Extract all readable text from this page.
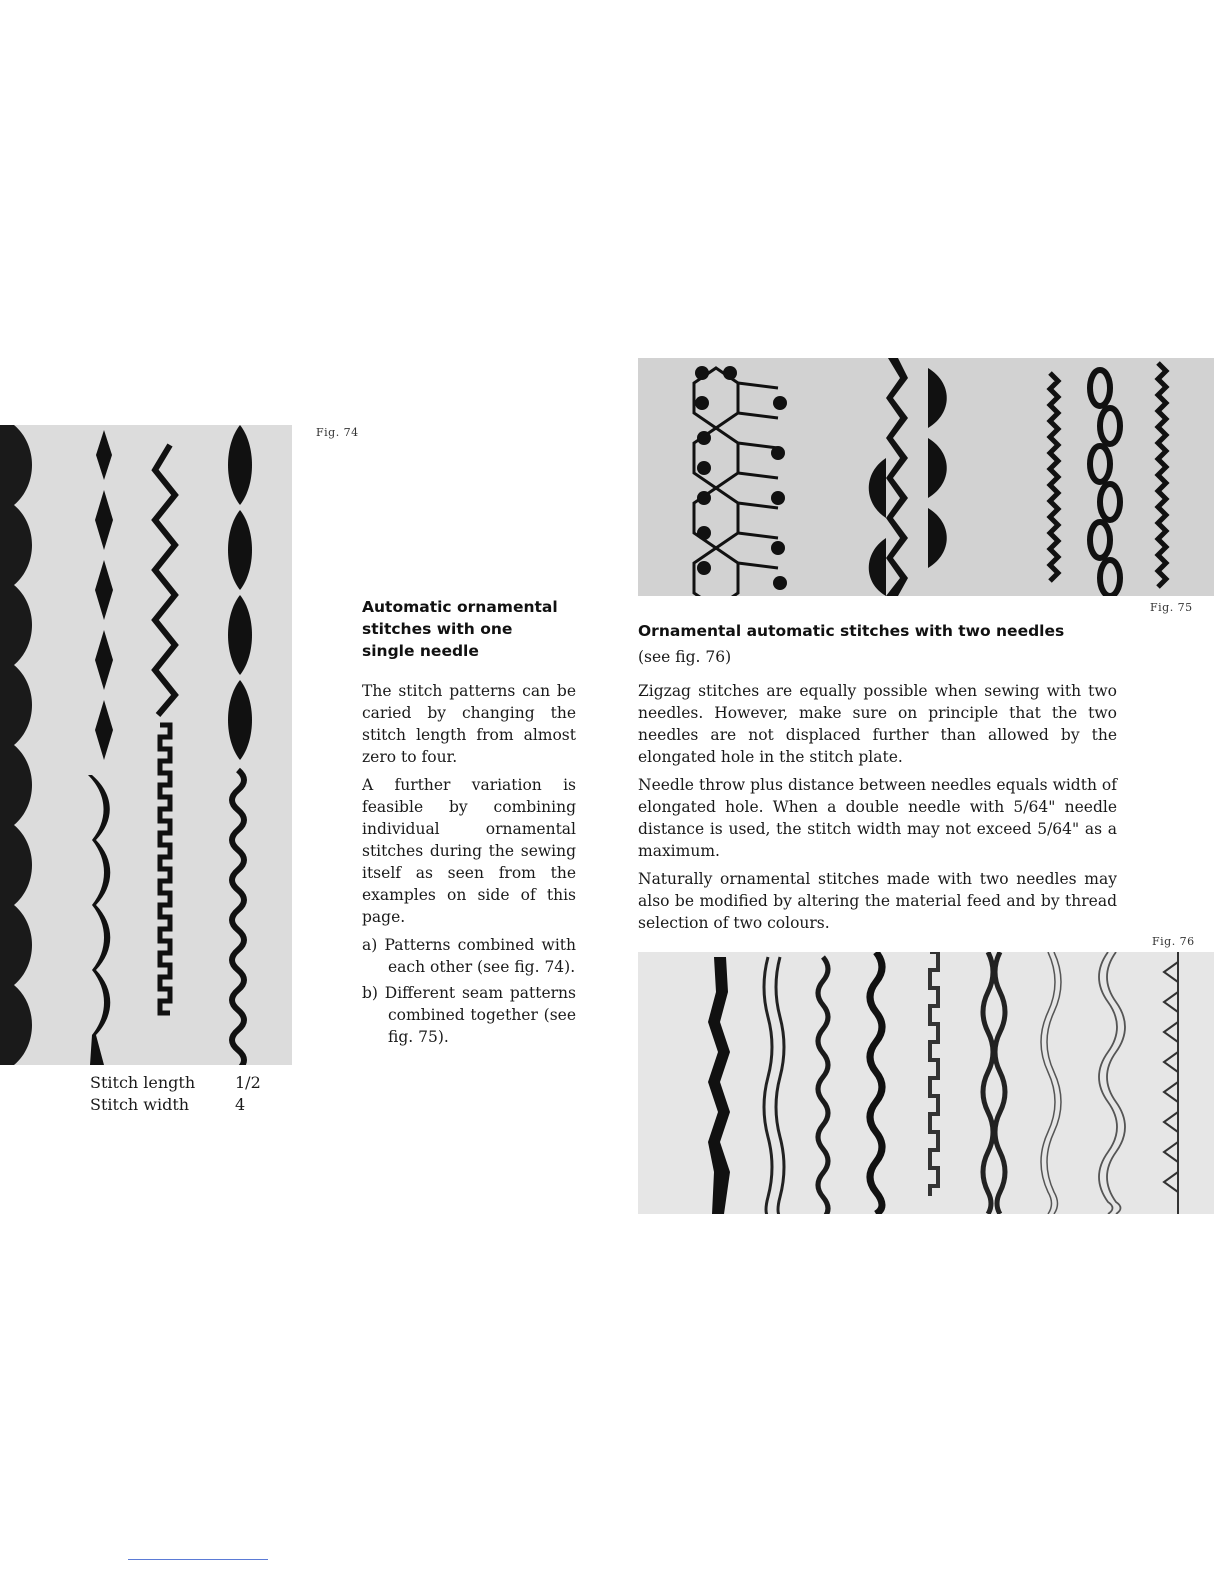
Fig. 74
Stitch length 1/2
Stitch width	4
Automatic ornamental
stitches with one
single needle

The stitch patterns can be caried by changing the stitch length from almost zero to four.

A further variation is feasible by combining individual ornamental stitches during the sewing itself as seen from the examples on side of this page.

a) Patterns combined with each other (see fig. 74).

b) Different seam patterns combined together (see fig. 75).

Fig. 75
Ornamental automatic stitches with two needles
(see fig. 76)

Zigzag stitches are equally possible when sewing with two needles. However, make sure on principle that the two needles are not displaced further than allowed by the elongated hole in the stitch plate.

Needle throw plus distance between needles equals width of elongated hole. When a double needle with 5/64" needle distance is used, the stitch width may not exceed 5/64" as a maximum.

Naturally ornamental stitches made with two needles may also be modified by altering the material feed and by thread selection of two colours.

Fig. 76
